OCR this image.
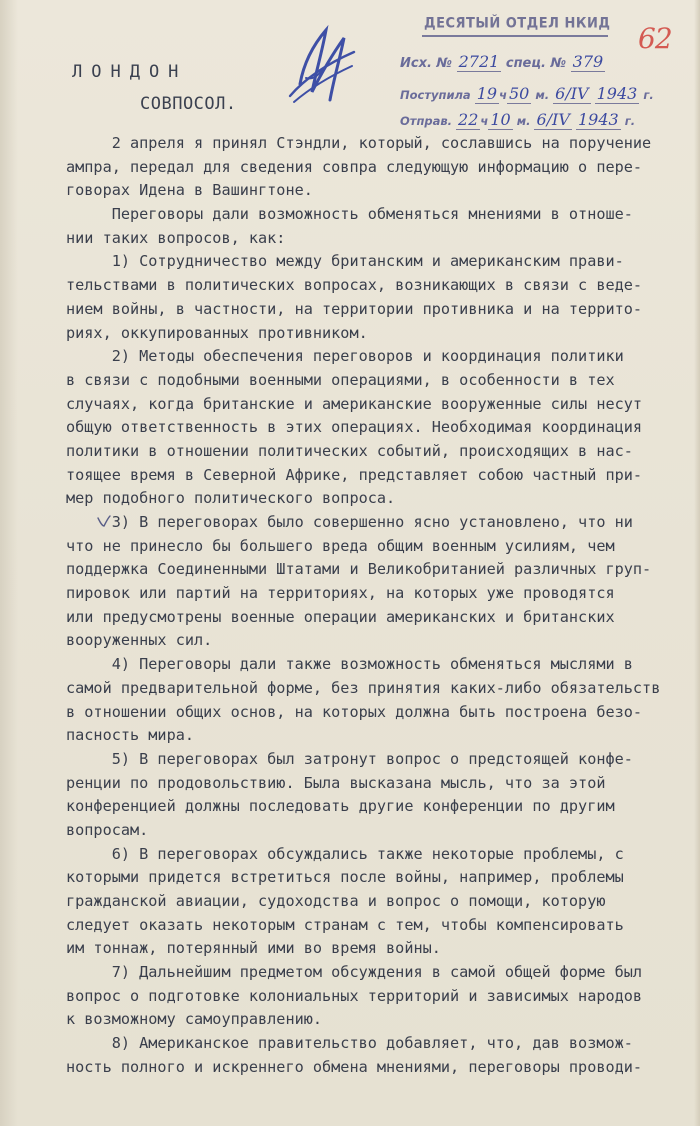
ЛОНДОН
СОВПОСОЛ.
ДЕСЯТЫЙ ОТДЕЛ НКИД
Исх. № 2721 спец. № 379
Поступила 19 ч 50 м. 6/IV 1943 г.
Отправ. 22 ч 10 м. 6/IV 1943 г.
62
2 апреля я принял Стэндли, который, сославшись на поручение
ампра, передал для сведения совпра следующую информацию о пере-
говорах Идена в Вашингтоне.
Переговоры дали возможность обменяться мнениями в отноше-
нии таких вопросов, как:
1) Сотрудничество между британским и американским прави-
тельствами в политических вопросах, возникающих в связи с веде-
нием войны, в частности, на территории противника и на террито-
риях, оккупированных противником.
2) Методы обеспечения переговоров и координация политики
в связи с подобными военными операциями, в особенности в тех
случаях, когда британские и американские вооруженные силы несут
общую ответственность в этих операциях. Необходимая координация
политики в отношении политических событий, происходящих в нас-
тоящее время в Северной Африке, представляет собою частный при-
мер подобного политического вопроса.
3) В переговорах было совершенно ясно установлено, что ни
что не принесло бы большего вреда общим военным усилиям, чем
поддержка Соединенными Штатами и Великобританией различных груп-
пировок или партий на территориях, на которых уже проводятся
или предусмотрены военные операции американских и британских
вооруженных сил.
4) Переговоры дали также возможность обменяться мыслями в
самой предварительной форме, без принятия каких-либо обязательств
в отношении общих основ, на которых должна быть построена безо-
пасность мира.
5) В переговорах был затронут вопрос о предстоящей конфе-
ренции по продовольствию. Была высказана мысль, что за этой
конференцией должны последовать другие конференции по другим
вопросам.
6) В переговорах обсуждались также некоторые проблемы, с
которыми придется встретиться после войны, например, проблемы
гражданской авиации, судоходства и вопрос о помощи, которую
следует оказать некоторым странам с тем, чтобы компенсировать
им тоннаж, потерянный ими во время войны.
7) Дальнейшим предметом обсуждения в самой общей форме был
вопрос о подготовке колониальных территорий и зависимых народов
к возможному самоуправлению.
8) Американское правительство добавляет, что, дав возмож-
ность полного и искреннего обмена мнениями, переговоры проводи-
